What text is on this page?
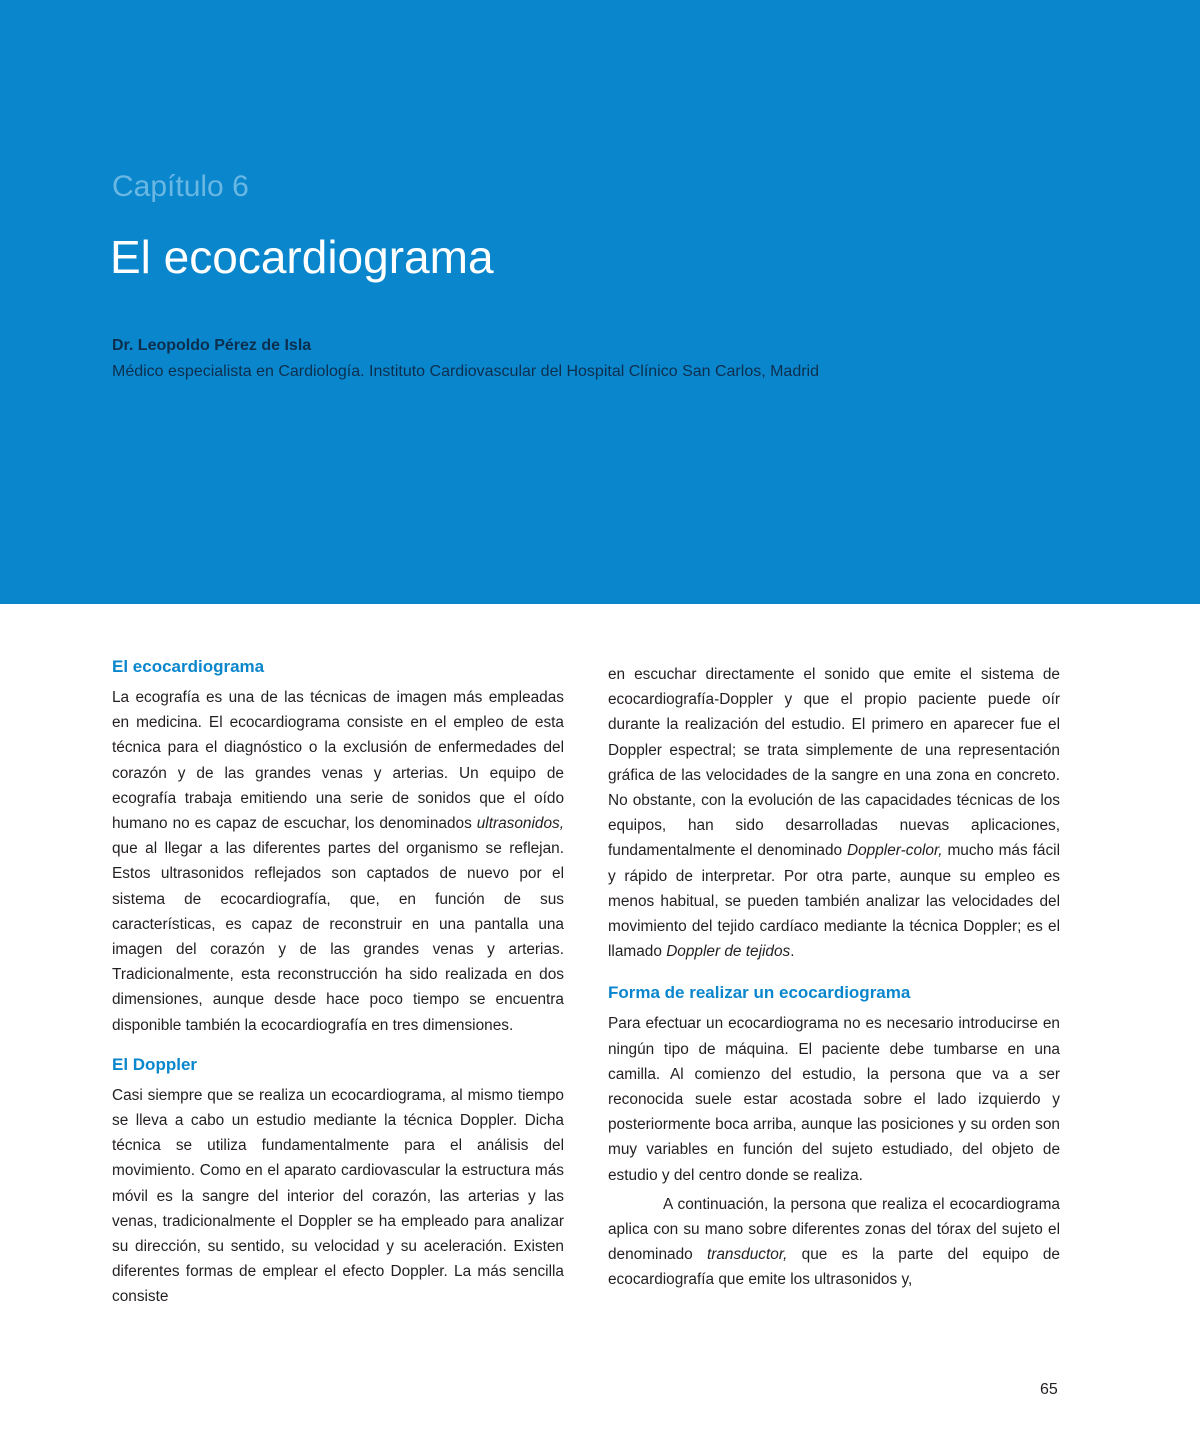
Capítulo 6

El ecocardiograma

Dr. Leopoldo Pérez de Isla

Médico especialista en Cardiología. Instituto Cardiovascular del Hospital Clínico San Carlos, Madrid

El ecocardiograma

La ecografía es una de las técnicas de imagen más empleadas en medicina. El ecocardiograma consiste en el empleo de esta técnica para el diagnóstico o la exclusión de enfermedades del corazón y de las grandes venas y arterias. Un equipo de ecografía trabaja emitiendo una serie de sonidos que el oído humano no es capaz de escuchar, los denominados ultrasonidos, que al llegar a las diferentes partes del organismo se reflejan. Estos ultrasonidos reflejados son captados de nuevo por el sistema de ecocardiografía, que, en función de sus características, es capaz de reconstruir en una pantalla una imagen del corazón y de las grandes venas y arterias. Tradicionalmente, esta reconstrucción ha sido realizada en dos dimensiones, aunque desde hace poco tiempo se encuentra disponible también la ecocardiografía en tres dimensiones.

El Doppler

Casi siempre que se realiza un ecocardiograma, al mismo tiempo se lleva a cabo un estudio mediante la técnica Doppler. Dicha técnica se utiliza fundamentalmente para el análisis del movimiento. Como en el aparato cardiovascular la estructura más móvil es la sangre del interior del corazón, las arterias y las venas, tradicionalmente el Doppler se ha empleado para analizar su dirección, su sentido, su velocidad y su aceleración. Existen diferentes formas de emplear el efecto Doppler. La más sencilla consiste

en escuchar directamente el sonido que emite el sistema de ecocardiografía-Doppler y que el propio paciente puede oír durante la realización del estudio. El primero en aparecer fue el Doppler espectral; se trata simplemente de una representación gráfica de las velocidades de la sangre en una zona en concreto. No obstante, con la evolución de las capacidades técnicas de los equipos, han sido desarrolladas nuevas aplicaciones, fundamentalmente el denominado Doppler-color, mucho más fácil y rápido de interpretar. Por otra parte, aunque su empleo es menos habitual, se pueden también analizar las velocidades del movimiento del tejido cardíaco mediante la técnica Doppler; es el llamado Doppler de tejidos.

Forma de realizar un ecocardiograma

Para efectuar un ecocardiograma no es necesario introducirse en ningún tipo de máquina. El paciente debe tumbarse en una camilla. Al comienzo del estudio, la persona que va a ser reconocida suele estar acostada sobre el lado izquierdo y posteriormente boca arriba, aunque las posiciones y su orden son muy variables en función del sujeto estudiado, del objeto de estudio y del centro donde se realiza.

A continuación, la persona que realiza el ecocardiograma aplica con su mano sobre diferentes zonas del tórax del sujeto el denominado transductor, que es la parte del equipo de ecocardiografía que emite los ultrasonidos y,

65
